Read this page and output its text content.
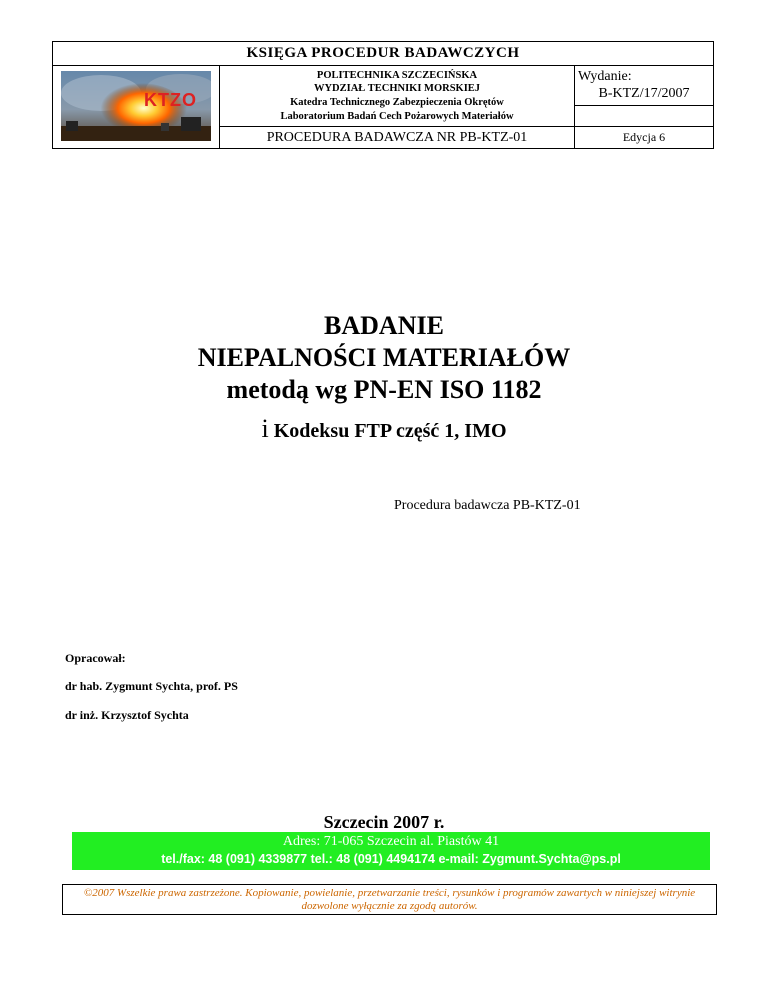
KSIĘGA PROCEDUR BADAWCZYCH
KTZO
POLITECHNIKA SZCZECIŃSKA
WYDZIAŁ TECHNIKI MORSKIEJ
Katedra Technicznego Zabezpieczenia Okrętów
Laboratorium Badań Cech Pożarowych Materiałów
PROCEDURA BADAWCZA NR PB-KTZ-01
Wydanie:
B-KTZ/17/2007
Edycja 6
BADANIE
NIEPALNOŚCI MATERIAŁÓW
metodą wg PN-EN ISO 1182
i Kodeksu FTP część 1, IMO
Procedura badawcza PB-KTZ-01
Opracował:
dr hab. Zygmunt Sychta, prof. PS
dr inż. Krzysztof Sychta
Szczecin 2007 r.
Adres: 71-065 Szczecin al. Piastów 41
tel./fax: 48 (091) 4339877 tel.: 48 (091) 4494174 e-mail: Zygmunt.Sychta@ps.pl
©2007 Wszelkie prawa zastrzeżone. Kopiowanie, powielanie, przetwarzanie treści, rysunków i programów zawartych w niniejszej witrynie dozwolone wyłącznie za zgodą autorów.
